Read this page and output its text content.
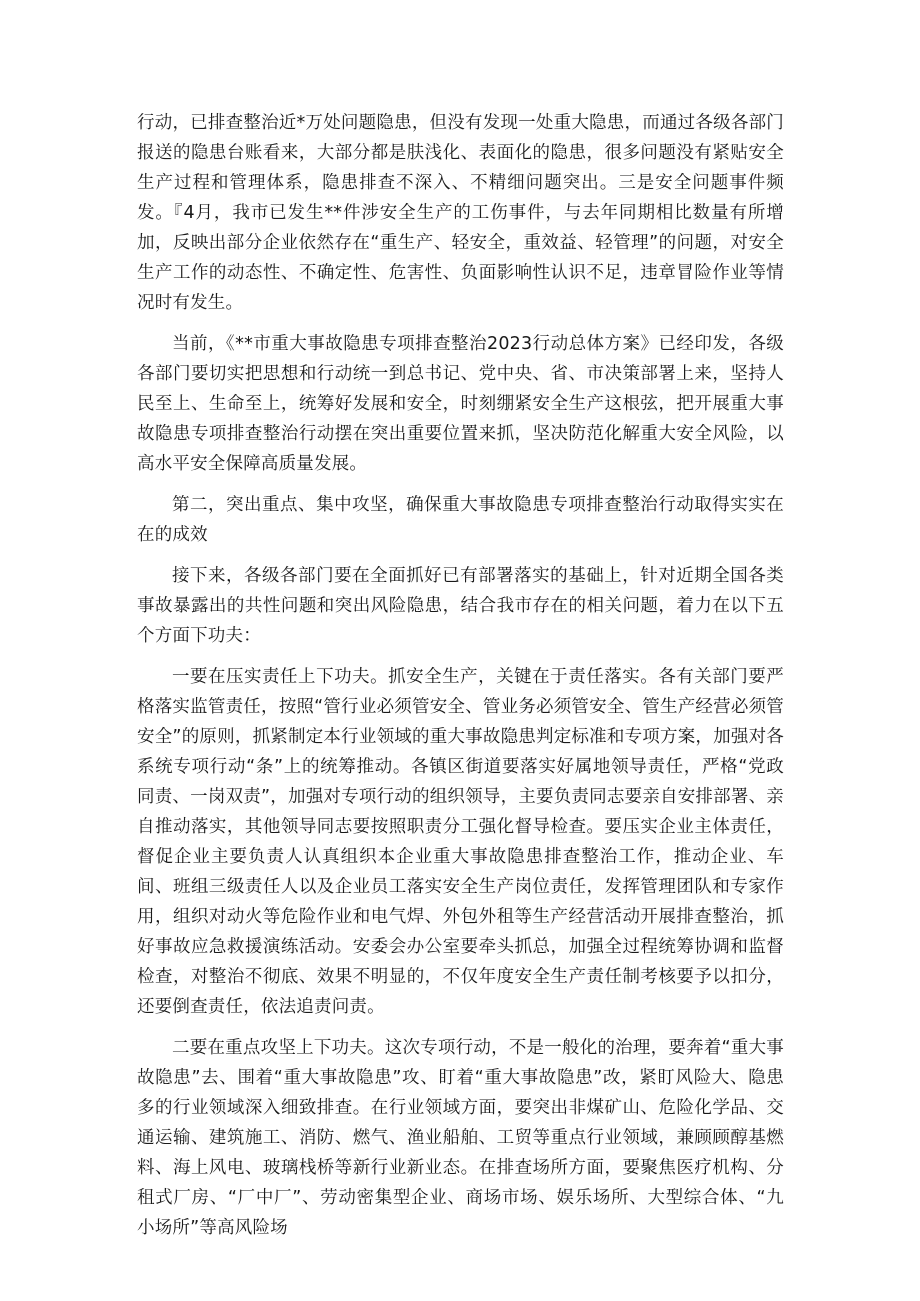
行动，已排查整治近*万处问题隐患，但没有发现一处重大隐患，而通过各级各部门报送的隐患台账看来，大部分都是肤浅化、表面化的隐患，很多问题没有紧贴安全生产过程和管理体系，隐患排查不深入、不精细问题突出。三是安全问题事件频发。『4月，我市已发生**件涉安全生产的工伤事件，与去年同期相比数量有所增加，反映出部分企业依然存在“重生产、轻安全，重效益、轻管理”的问题，对安全生产工作的动态性、不确定性、危害性、负面影响性认识不足，违章冒险作业等情况时有发生。

当前，《**市重大事故隐患专项排查整治2023行动总体方案》已经印发，各级各部门要切实把思想和行动统一到总书记、党中央、省、市决策部署上来，坚持人民至上、生命至上，统筹好发展和安全，时刻绷紧安全生产这根弦，把开展重大事故隐患专项排查整治行动摆在突出重要位置来抓，坚决防范化解重大安全风险，以高水平安全保障高质量发展。

第二，突出重点、集中攻坚，确保重大事故隐患专项排查整治行动取得实实在在的成效

接下来，各级各部门要在全面抓好已有部署落实的基础上，针对近期全国各类事故暴露出的共性问题和突出风险隐患，结合我市存在的相关问题，着力在以下五个方面下功夫：

一要在压实责任上下功夫。抓安全生产，关键在于责任落实。各有关部门要严格落实监管责任，按照“管行业必须管安全、管业务必须管安全、管生产经营必须管安全”的原则，抓紧制定本行业领域的重大事故隐患判定标准和专项方案，加强对各系统专项行动“条”上的统筹推动。各镇区街道要落实好属地领导责任，严格“党政同责、一岗双责”，加强对专项行动的组织领导，主要负责同志要亲自安排部署、亲自推动落实，其他领导同志要按照职责分工强化督导检查。要压实企业主体责任，督促企业主要负责人认真组织本企业重大事故隐患排查整治工作，推动企业、车间、班组三级责任人以及企业员工落实安全生产岗位责任，发挥管理团队和专家作用，组织对动火等危险作业和电气焊、外包外租等生产经营活动开展排查整治，抓好事故应急救援演练活动。安委会办公室要牵头抓总，加强全过程统筹协调和监督检查，对整治不彻底、效果不明显的，不仅年度安全生产责任制考核要予以扣分，还要倒查责任，依法追责问责。

二要在重点攻坚上下功夫。这次专项行动，不是一般化的治理，要奔着“重大事故隐患”去、围着“重大事故隐患”攻、盯着“重大事故隐患”改，紧盯风险大、隐患多的行业领域深入细致排查。在行业领域方面，要突出非煤矿山、危险化学品、交通运输、建筑施工、消防、燃气、渔业船舶、工贸等重点行业领域，兼顾顾醇基燃料、海上风电、玻璃栈桥等新行业新业态。在排查场所方面，要聚焦医疗机构、分租式厂房、“厂中厂”、劳动密集型企业、商场市场、娱乐场所、大型综合体、“九小场所”等高风险场
